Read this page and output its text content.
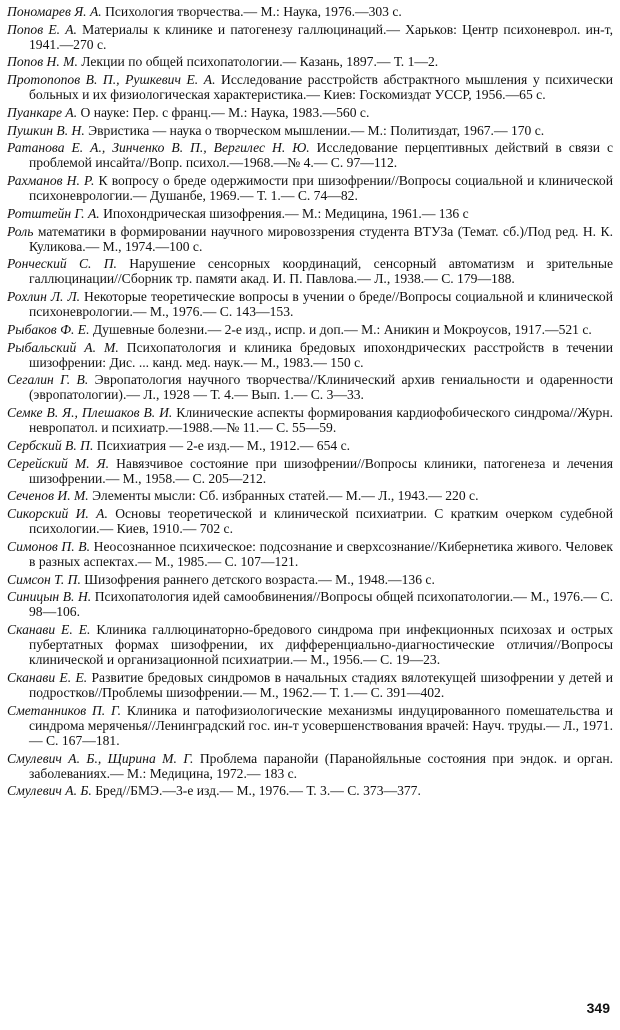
Пономарев Я. А. Психология творчества.— М.: Наука, 1976.—303 с.

Попов Е. А. Материалы к клинике и патогенезу галлюцинаций.— Харьков: Центр психоневрол. ин-т, 1941.—270 с.

Попов Н. М. Лекции по общей психопатологии.— Казань, 1897.— Т. 1—2.

Протопопов В. П., Рушкевич Е. А. Исследование расстройств абстрактного мышления у психически больных и их физиологическая характеристика.— Киев: Госкомиздат УССР, 1956.—65 с.

Пуанкаре А. О науке: Пер. с франц.— М.: Наука, 1983.—560 с.

Пушкин В. Н. Эвристика — наука о творческом мышлении.— М.: Политиздат, 1967.— 170 с.

Ратанова Е. А., Зинченко В. П., Вергилес Н. Ю. Исследование перцептивных действий в связи с проблемой инсайта//Вопр. психол.—1968.—№ 4.— С. 97—112.

Рахманов Н. Р. К вопросу о бреде одержимости при шизофрении//Вопросы социальной и клинической психоневрологии.— Душанбе, 1969.— Т. 1.— С. 74—82.

Ротштейн Г. А. Ипохондрическая шизофрения.— М.: Медицина, 1961.— 136 с

Роль математики в формировании научного мировоззрения студента ВТУЗа (Темат. сб.)/Под ред. Н. К. Куликова.— М., 1974.—100 с.

Ронческий С. П. Нарушение сенсорных координаций, сенсорный автоматизм и зрительные галлюцинации//Сборник тр. памяти акад. И. П. Павлова.— Л., 1938.— С. 179—188.

Рохлин Л. Л. Некоторые теоретические вопросы в учении о бреде//Вопросы социальной и клинической психоневрологии.— М., 1976.— С. 143—153.

Рыбаков Ф. Е. Душевные болезни.— 2-е изд., испр. и доп.— М.: Аникин и Мокроусов, 1917.—521 с.

Рыбальский А. М. Психопатология и клиника бредовых ипохондрических расстройств в течении шизофрении: Дис. ... канд. мед. наук.— М., 1983.— 150 с.

Сегалин Г. В. Эвропатология научного творчества//Клинический архив гениальности и одаренности (эвропатологии).— Л., 1928 — Т. 4.— Вып. 1.— С. 3—33.

Семке В. Я., Плешаков В. И. Клинические аспекты формирования кардиофобического синдрома//Журн. невропатол. и психиатр.—1988.—№ 11.— С. 55—59.

Сербский В. П. Психиатрия — 2-е изд.— М., 1912.— 654 с.

Серейский М. Я. Навязчивое состояние при шизофрении//Вопросы клиники, патогенеза и лечения шизофрении.— М., 1958.— С. 205—212.

Сеченов И. М. Элементы мысли: Сб. избранных статей.— М.— Л., 1943.— 220 с.

Сикорский И. А. Основы теоретической и клинической психиатрии. С кратким очерком судебной психологии.— Киев, 1910.— 702 с.

Симонов П. В. Неосознанное психическое: подсознание и сверхсознание//Кибернетика живого. Человек в разных аспектах.— М., 1985.— С. 107—121.

Симсон Т. П. Шизофрения раннего детского возраста.— М., 1948.—136 с.

Синицын В. Н. Психопатология идей самообвинения//Вопросы общей психопатологии.— М., 1976.— С. 98—106.

Сканави Е. Е. Клиника галлюцинаторно-бредового синдрома при инфекционных психозах и острых пубертатных формах шизофрении, их дифференциально-диагностические отличия//Вопросы клинической и организационной психиатрии.— М., 1956.— С. 19—23.

Сканави Е. Е. Развитие бредовых синдромов в начальных стадиях вялотекущей шизофрении у детей и подростков//Проблемы шизофрении.— М., 1962.— Т. 1.— С. 391—402.

Сметанников П. Г. Клиника и патофизиологические механизмы индуцированного помешательства и синдрома меряченья//Ленинградский гос. ин-т усовершенствования врачей: Науч. труды.— Л., 1971.— С. 167—181.

Смулевич А. Б., Щирина М. Г. Проблема паранойи (Паранойяльные состояния при эндок. и орган. заболеваниях.— М.: Медицина, 1972.— 183 с.

Смулевич А. Б. Бред//БМЭ.—3-е изд.— М., 1976.— Т. 3.— С. 373—377.

349
